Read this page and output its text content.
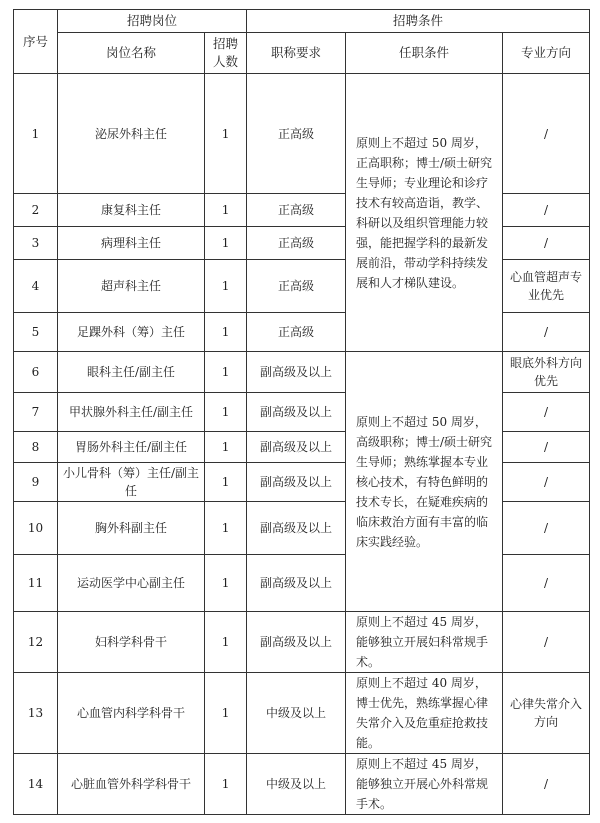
序号	招聘岗位		招聘条件		
	岗位名称	招聘人数	职称要求	任职条件	专业方向
1	泌尿外科主任	1	正高级	原则上不超过 50 周岁，正高职称；博士/硕士研究生导师；专业理论和诊疗技术有较高造诣，教学、科研以及组织管理能力较强，能把握学科的最新发展前沿，带动学科持续发展和人才梯队建设。	/
2	康复科主任	1	正高级		/
3	病理科主任	1	正高级		/
4	超声科主任	1	正高级		心血管超声专业优先
5	足踝外科（筹）主任	1	正高级		/
6	眼科主任/副主任	1	副高级及以上	原则上不超过 50 周岁，高级职称；博士/硕士研究生导师；熟练掌握本专业核心技术，有特色鲜明的技术专长，在疑难疾病的临床救治方面有丰富的临床实践经验。	眼底外科方向优先
7	甲状腺外科主任/副主任	1	副高级及以上		/
8	胃肠外科主任/副主任	1	副高级及以上		/
9	小儿骨科（筹）主任/副主任	1	副高级及以上		/
10	胸外科副主任	1	副高级及以上		/
11	运动医学中心副主任	1	副高级及以上		/
12	妇科学科骨干	1	副高级及以上	原则上不超过 45 周岁，能够独立开展妇科常规手术。	/
13	心血管内科学科骨干	1	中级及以上	原则上不超过 40 周岁，博士优先，熟练掌握心律失常介入及危重症抢救技能。	心律失常介入方向
14	心脏血管外科学科骨干	1	中级及以上	原则上不超过 45 周岁，能够独立开展心外科常规手术。	/
